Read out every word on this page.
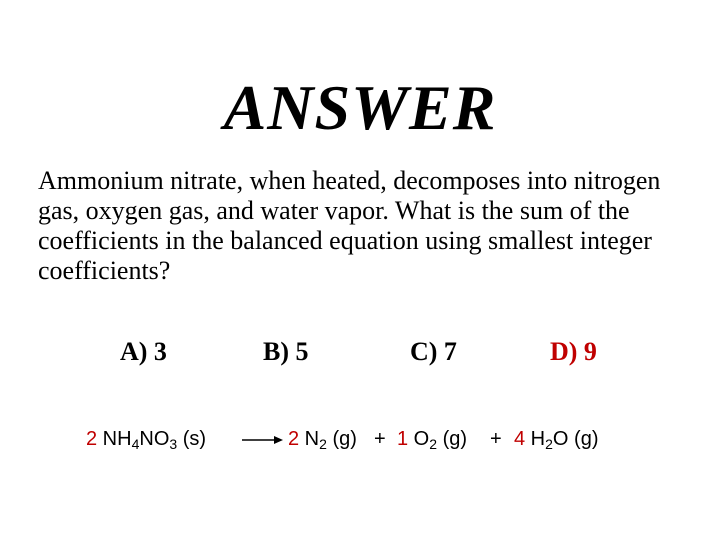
ANSWER
Ammonium nitrate, when heated, decomposes into nitrogen gas, oxygen gas, and water vapor. What is the sum of the coefficients in the balanced equation using smallest integer coefficients?
A) 3	B) 5	C) 7	D) 9
2 $NH_4NO_3$ (s) → 2 $N_2$ (g) + 1 $O_2$ (g) + 4 $H_2O$ (g)
